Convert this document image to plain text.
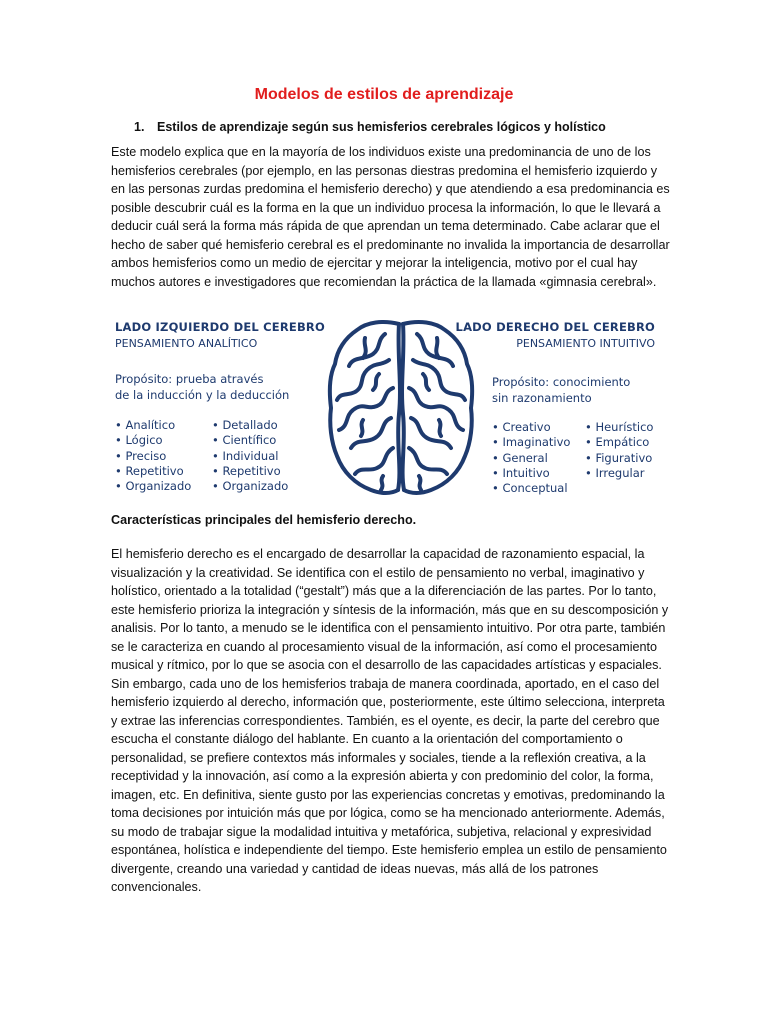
Modelos de estilos de aprendizaje
1. Estilos de aprendizaje según sus hemisferios cerebrales lógicos y holístico

Este modelo explica que en la mayoría de los individuos existe una predominancia de uno de los hemisferios cerebrales (por ejemplo, en las personas diestras predomina el hemisferio izquierdo y en las personas zurdas predomina el hemisferio derecho) y que atendiendo a esa predominancia es posible descubrir cuál es la forma en la que un individuo procesa la información, lo que le llevará a deducir cuál será la forma más rápida de que aprendan un tema determinado. Cabe aclarar que el hecho de saber qué hemisferio cerebral es el predominante no invalida la importancia de desarrollar ambos hemisferios como un medio de ejercitar y mejorar la inteligencia, motivo por el cual hay muchos autores e investigadores que recomiendan la práctica de la llamada «gimnasia cerebral».

LADO IZQUIERDO DEL CEREBRO
PENSAMIENTO ANALÍTICO
Propósito: prueba através
de la inducción y la deducción
• Analítico
• Lógico
• Preciso
• Repetitivo
• Organizado
• Detallado
• Científico
• Individual
• Repetitivo
• Organizado
LADO DERECHO DEL CEREBRO
PENSAMIENTO INTUITIVO
Propósito: conocimiento
sin razonamiento
• Creativo
• Imaginativo
• General
• Intuitivo
• Conceptual
• Heurístico
• Empático
• Figurativo
• Irregular
Características principales del hemisferio derecho.

El hemisferio derecho es el encargado de desarrollar la capacidad de razonamiento espacial, la visualización y la creatividad. Se identifica con el estilo de pensamiento no verbal, imaginativo y holístico, orientado a la totalidad (“gestalt”) más que a la diferenciación de las partes. Por lo tanto, este hemisferio prioriza la integración y síntesis de la información, más que en su descomposición y analisis. Por lo tanto, a menudo se le identifica con el pensamiento intuitivo. Por otra parte, también se le caracteriza en cuando al procesamiento visual de la información, así como el procesamiento musical y rítmico, por lo que se asocia con el desarrollo de las capacidades artísticas y espaciales. Sin embargo, cada uno de los hemisferios trabaja de manera coordinada, aportado, en el caso del hemisferio izquierdo al derecho, información que, posteriormente, este último selecciona, interpreta y extrae las inferencias correspondientes. También, es el oyente, es decir, la parte del cerebro que escucha el constante diálogo del hablante. En cuanto a la orientación del comportamiento o personalidad, se prefiere contextos más informales y sociales, tiende a la reflexión creativa, a la receptividad y la innovación, así como a la expresión abierta y con predominio del color, la forma, imagen, etc. En definitiva, siente gusto por las experiencias concretas y emotivas, predominando la toma decisiones por intuición más que por lógica, como se ha mencionado anteriormente. Además, su modo de trabajar sigue la modalidad intuitiva y metafórica, subjetiva, relacional y expresividad espontánea, holística e independiente del tiempo. Este hemisferio emplea un estilo de pensamiento divergente, creando una variedad y cantidad de ideas nuevas, más allá de los patrones convencionales.
